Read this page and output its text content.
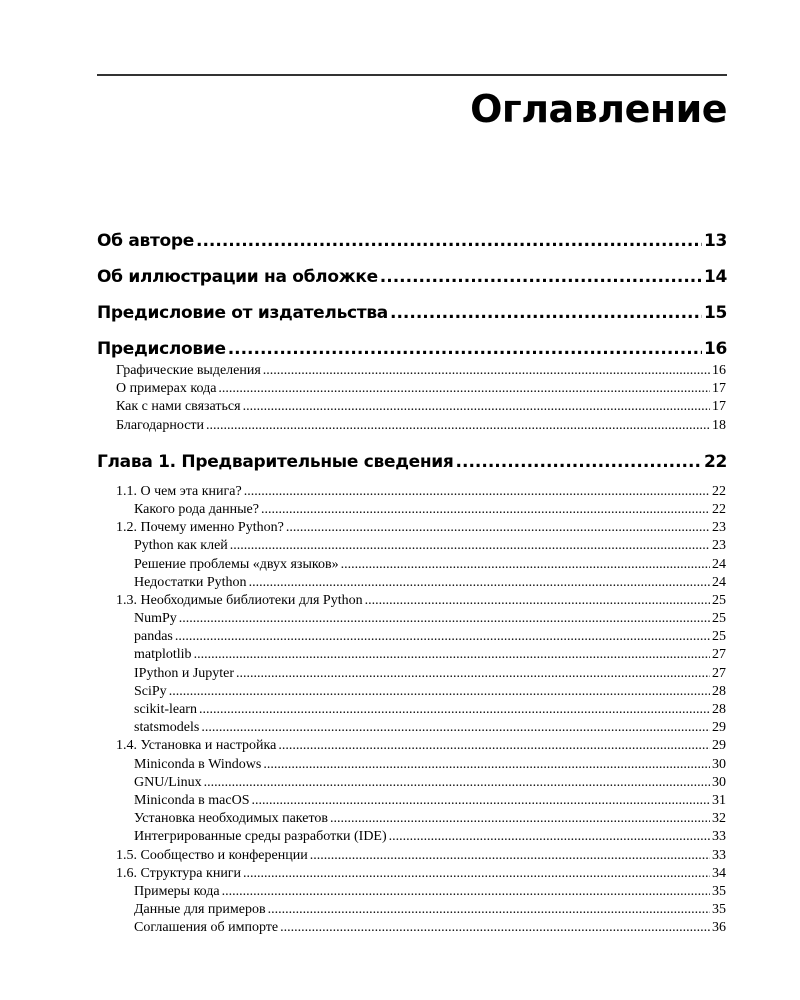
Оглавление
Об авторе .....	13
Об иллюстрации на обложке .....	14
Предисловие от издательства .....	15
Предисловие .....	16
Графические выделения .....	16
О примерах кода .....	17
Как с нами связаться .....	17
Благодарности .....	18
Глава 1. Предварительные сведения .....	22
1.1. О чем эта книга? .....	22
Какого рода данные? .....	22
1.2. Почему именно Python? .....	23
Python как клей .....	23
Решение проблемы «двух языков» .....	24
Недостатки Python .....	24
1.3. Необходимые библиотеки для Python .....	25
NumPy .....	25
pandas .....	25
matplotlib .....	27
IPython и Jupyter .....	27
SciPy .....	28
scikit-learn .....	28
statsmodels .....	29
1.4. Установка и настройка .....	29
Miniconda в Windows .....	30
GNU/Linux .....	30
Miniconda в macOS .....	31
Установка необходимых пакетов .....	32
Интегрированные среды разработки (IDE) .....	33
1.5. Сообщество и конференции .....	33
1.6. Структура книги .....	34
Примеры кода .....	35
Данные для примеров .....	35
Соглашения об импорте .....	36
